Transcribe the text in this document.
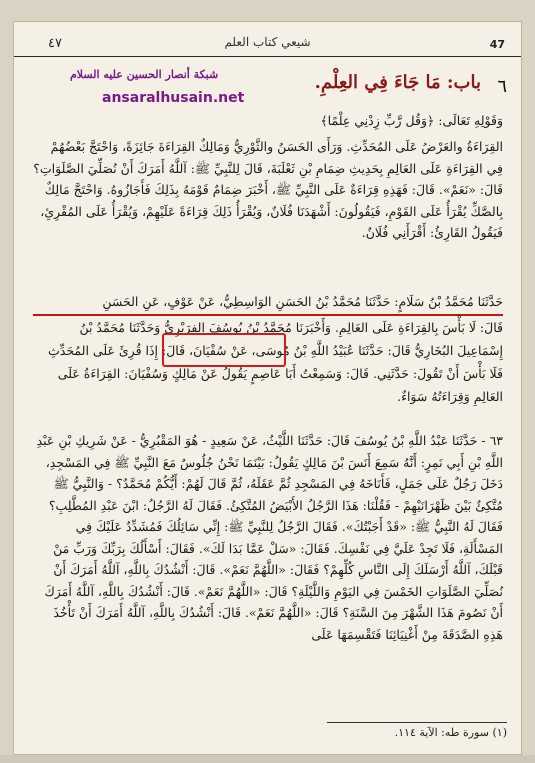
٤٧	شيعي كتاب العلم	47
شبكة أنصار الحسين عليه السلام
ansaralhusain.net
باب: مَا جَاءَ فِي العِلْمِ. ٦
وَقَوْلِهِ تَعَالَى: ﴿وَقُل رَّبِّ زِدْنِي عِلْمًا﴾
القِرَاءَةُ والعَرْضُ عَلَى المُحَدِّثِ. وَرَأَى الحَسَنُ والثَّوْرِيُّ وَمَالِكٌ القِرَاءَةَ جَائِزَةً، وَاحْتَجَّ بَعْضُهُمْ فِي القِرَاءَةِ عَلَى العَالِمِ بِحَدِيثِ ضِمَامِ بْنِ ثَعْلَبَةَ، قَالَ لِلنَّبِيِّ ﷺ: آللَّهُ أَمَرَكَ أَنْ نُصَلِّيَ الصَّلَوَاتِ؟ قَالَ: «نَعَمْ». قَالَ: فَهَذِهِ قِرَاءَةٌ عَلَى النَّبِيِّ ﷺ، أَخْبَرَ ضِمَامٌ قَوْمَهُ بِذَلِكَ فَأَجَازُوهُ. وَاحْتَجَّ مَالِكٌ بِالصَّكِّ يُقْرَأُ عَلَى القَوْمِ، فَيَقُولُونَ: أَشْهَدَنَا فُلَانٌ، وَيُقْرَأُ ذَلِكَ قِرَاءَةً عَلَيْهِمْ، وَيُقْرَأُ عَلَى المُقْرِئِ، فَيَقُولُ القَارِئُ: أَقْرَأَنِي فُلَانٌ.
حَدَّثَنَا مُحَمَّدُ بْنُ سَلَامٍ: حَدَّثَنَا مُحَمَّدُ بْنُ الحَسَنِ الوَاسِطِيُّ، عَنْ عَوْفٍ، عَنِ الحَسَنِ
قَالَ: لَا بَأْسَ بِالقِرَاءَةِ عَلَى العَالِمِ. وَأَخْبَرَنَا مُحَمَّدُ بْنُ يُوسُفَ الفِرَبْرِيُّ وَحَدَّثَنَا مُحَمَّدُ بْنُ
إِسْمَاعِيلَ البُخَارِيُّ قَالَ: حَدَّثَنَا عُبَيْدُ اللَّهِ بْنُ مُوسَى، عَنْ سُفْيَانَ، قَالَ: إِذَا قُرِئَ عَلَى المُحَدِّثِ فَلَا بَأْسَ أَنْ تَقُولَ: حَدَّثَنِي. قَالَ: وَسَمِعْتُ أَبَا عَاصِمٍ يَقُولُ عَنْ مَالِكٍ وَسُفْيَانَ: القِرَاءَةُ عَلَى العَالِمِ وَقِرَاءَتُهُ سَوَاءٌ.
٦٣ - حَدَّثَنَا عَبْدُ اللَّهِ بْنُ يُوسُفَ قَالَ: حَدَّثَنَا اللَّيْثُ، عَنْ سَعِيدٍ - هُوَ المَقْبُرِيُّ - عَنْ شَرِيكِ بْنِ عَبْدِ اللَّهِ بْنِ أَبِي نَمِرٍ: أَنَّهُ سَمِعَ أَنَسَ بْنَ مَالِكٍ يَقُولُ: بَيْنَمَا نَحْنُ جُلُوسٌ مَعَ النَّبِيِّ ﷺ فِي المَسْجِدِ، دَخَلَ رَجُلٌ عَلَى جَمَلٍ، فَأَنَاخَهُ فِي المَسْجِدِ ثُمَّ عَقَلَهُ، ثُمَّ قَالَ لَهُمْ: أَيُّكُمْ مُحَمَّدٌ؟ - وَالنَّبِيُّ ﷺ مُتَّكِئٌ بَيْنَ ظَهْرَانَيْهِمْ - فَقُلْنَا: هَذَا الرَّجُلُ الأَبْيَضُ المُتَّكِئُ. فَقَالَ لَهُ الرَّجُلُ: ابْنَ عَبْدِ المُطَّلِبِ؟ فَقَالَ لَهُ النَّبِيُّ ﷺ: «قَدْ أَجَبْتُكَ». فَقَالَ الرَّجُلُ لِلنَّبِيِّ ﷺ: إِنِّي سَائِلُكَ فَمُشَدِّدٌ عَلَيْكَ فِي المَسْأَلَةِ، فَلَا تَجِدْ عَلَيَّ فِي نَفْسِكَ. فَقَالَ: «سَلْ عَمَّا بَدَا لَكَ». فَقَالَ: أَسْأَلُكَ بِرَبِّكَ وَرَبِّ مَنْ قَبْلَكَ، آللَّهُ أَرْسَلَكَ إِلَى النَّاسِ كُلِّهِمْ؟ فَقَالَ: «اللَّهُمَّ نَعَمْ». قَالَ: أَنْشُدُكَ بِاللَّهِ، آللَّهُ أَمَرَكَ أَنْ نُصَلِّيَ الصَّلَوَاتِ الخَمْسَ فِي اليَوْمِ وَاللَّيْلَةِ؟ قَالَ: «اللَّهُمَّ نَعَمْ». قَالَ: أَنْشُدُكَ بِاللَّهِ، آللَّهُ أَمَرَكَ أَنْ نَصُومَ هَذَا الشَّهْرَ مِنَ السَّنَةِ؟ قَالَ: «اللَّهُمَّ نَعَمْ». قَالَ: أَنْشُدُكَ بِاللَّهِ، آللَّهُ أَمَرَكَ أَنْ تَأْخُذَ هَذِهِ الصَّدَقَةَ مِنْ أَغْنِيَائِنَا فَتَقْسِمَهَا عَلَى
(١) سورة طه: الآية ١١٤.
